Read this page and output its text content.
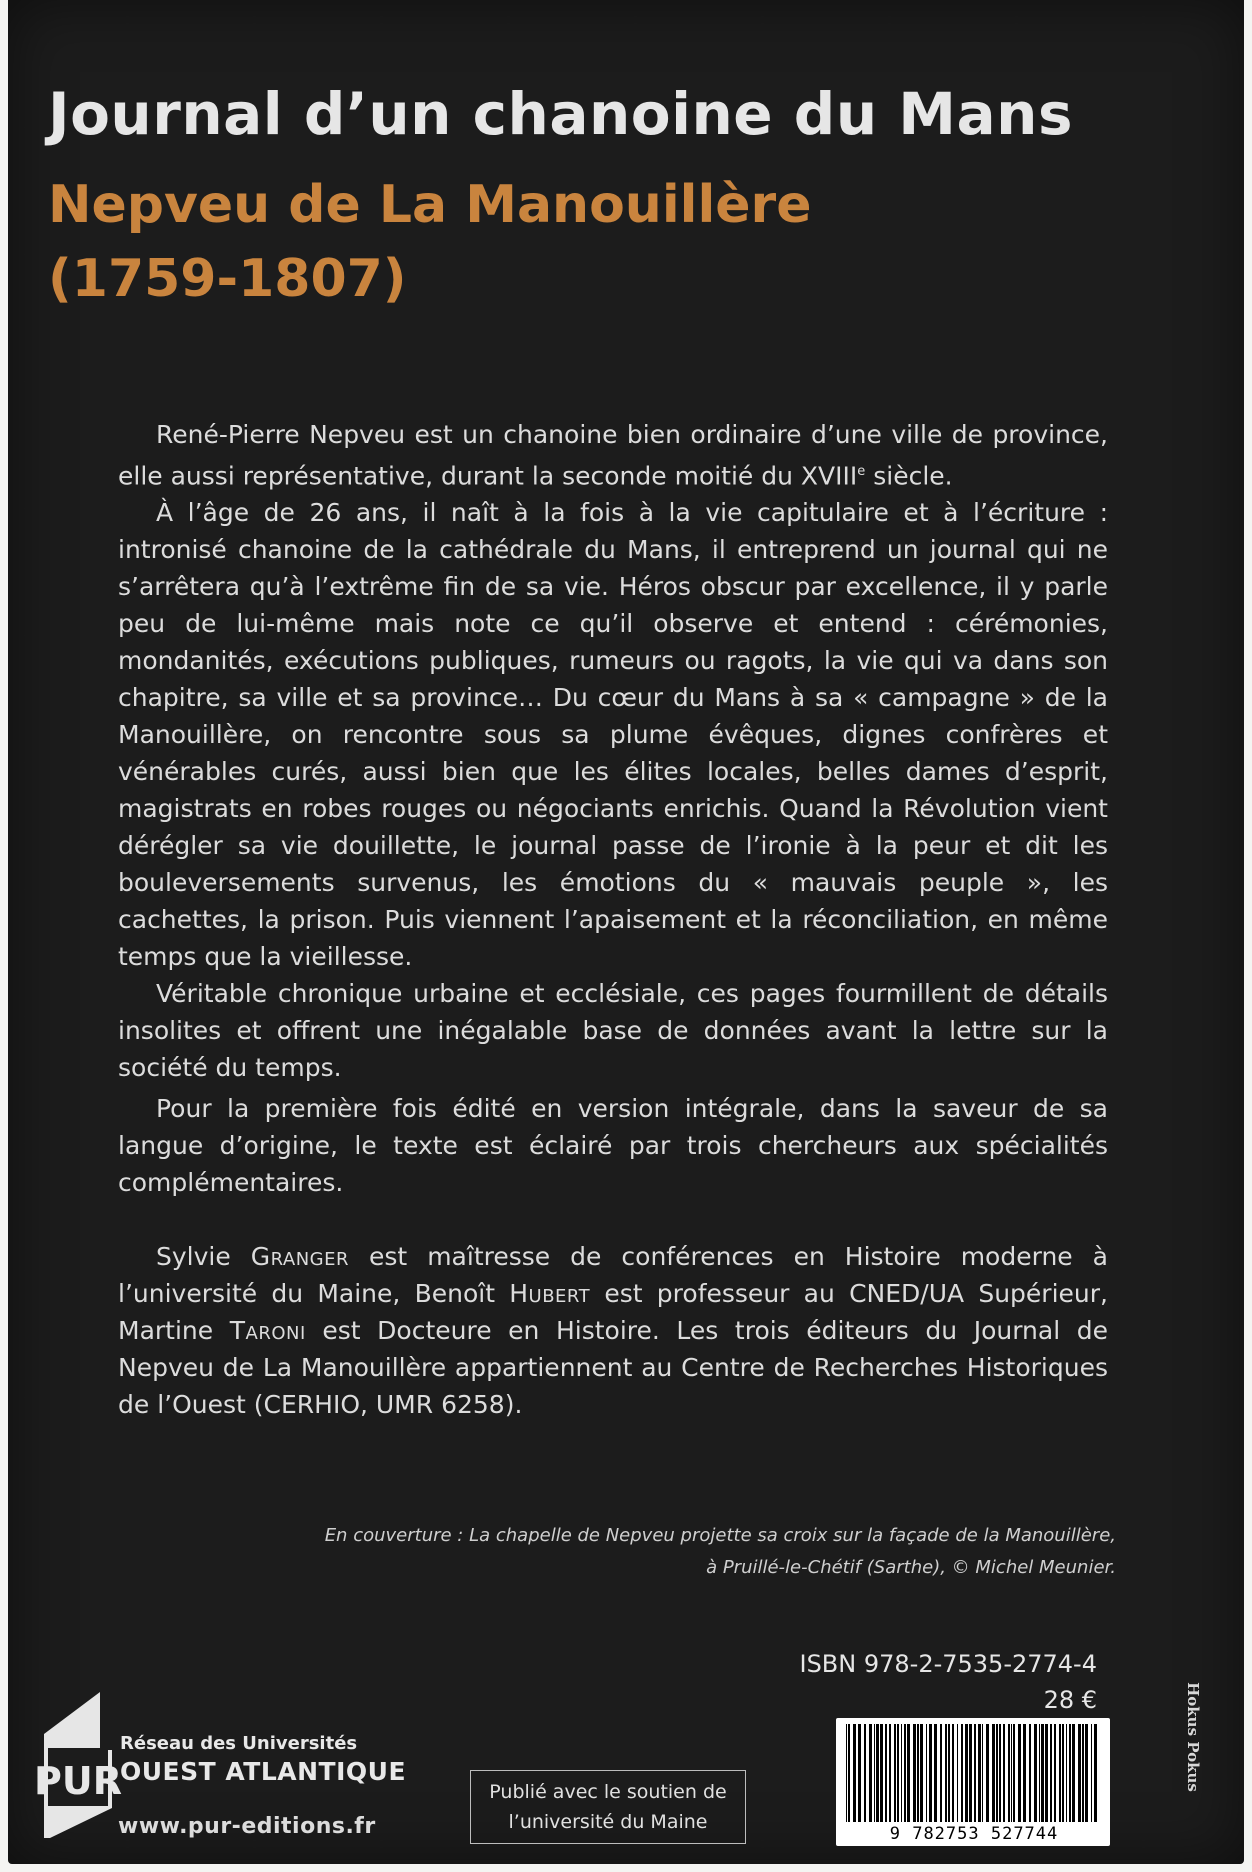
Journal d’un chanoine du Mans
Nepveu de La Manouillère
(1759-1807)

René-Pierre Nepveu est un chanoine bien ordinaire d’une ville de province, elle aussi représentative, durant la seconde moitié du XVIIIe siècle.

À l’âge de 26 ans, il naît à la fois à la vie capitulaire et à l’écriture : intronisé chanoine de la cathédrale du Mans, il entreprend un journal qui ne s’arrêtera qu’à l’extrême fin de sa vie. Héros obscur par excellence, il y parle peu de lui-même mais note ce qu’il observe et entend : cérémonies, mondanités, exécutions publiques, rumeurs ou ragots, la vie qui va dans son chapitre, sa ville et sa province… Du cœur du Mans à sa « campagne » de la Manouillère, on rencontre sous sa plume évêques, dignes confrères et vénérables curés, aussi bien que les élites locales, belles dames d’esprit, magistrats en robes rouges ou négociants enrichis. Quand la Révolution vient dérégler sa vie douillette, le journal passe de l’ironie à la peur et dit les bouleversements survenus, les émotions du « mauvais peuple », les cachettes, la prison. Puis viennent l’apaisement et la réconciliation, en même temps que la vieillesse.

Véritable chronique urbaine et ecclésiale, ces pages fourmillent de détails insolites et offrent une inégalable base de données avant la lettre sur la société du temps.

Pour la première fois édité en version intégrale, dans la saveur de sa langue d’origine, le texte est éclairé par trois chercheurs aux spécialités complémentaires.

Sylvie Granger est maîtresse de conférences en Histoire moderne à l’université du Maine, Benoît Hubert est professeur au CNED/UA Supérieur, Martine Taroni est Docteure en Histoire. Les trois éditeurs du Journal de Nepveu de La Manouillère appartiennent au Centre de Recherches Historiques de l’Ouest (CERHIO, UMR 6258).

En couverture : La chapelle de Nepveu projette sa croix sur la façade de la Manouillère,
à Pruillé-le-Chétif (Sarthe), © Michel Meunier.

ISBN 978-2-7535-2774-4
28 €
9 782753 527744
PUR
Réseau des Universités
OUEST ATLANTIQUE
www.pur-editions.fr
Publié avec le soutien de
l’université du Maine
Hokus Pokus
